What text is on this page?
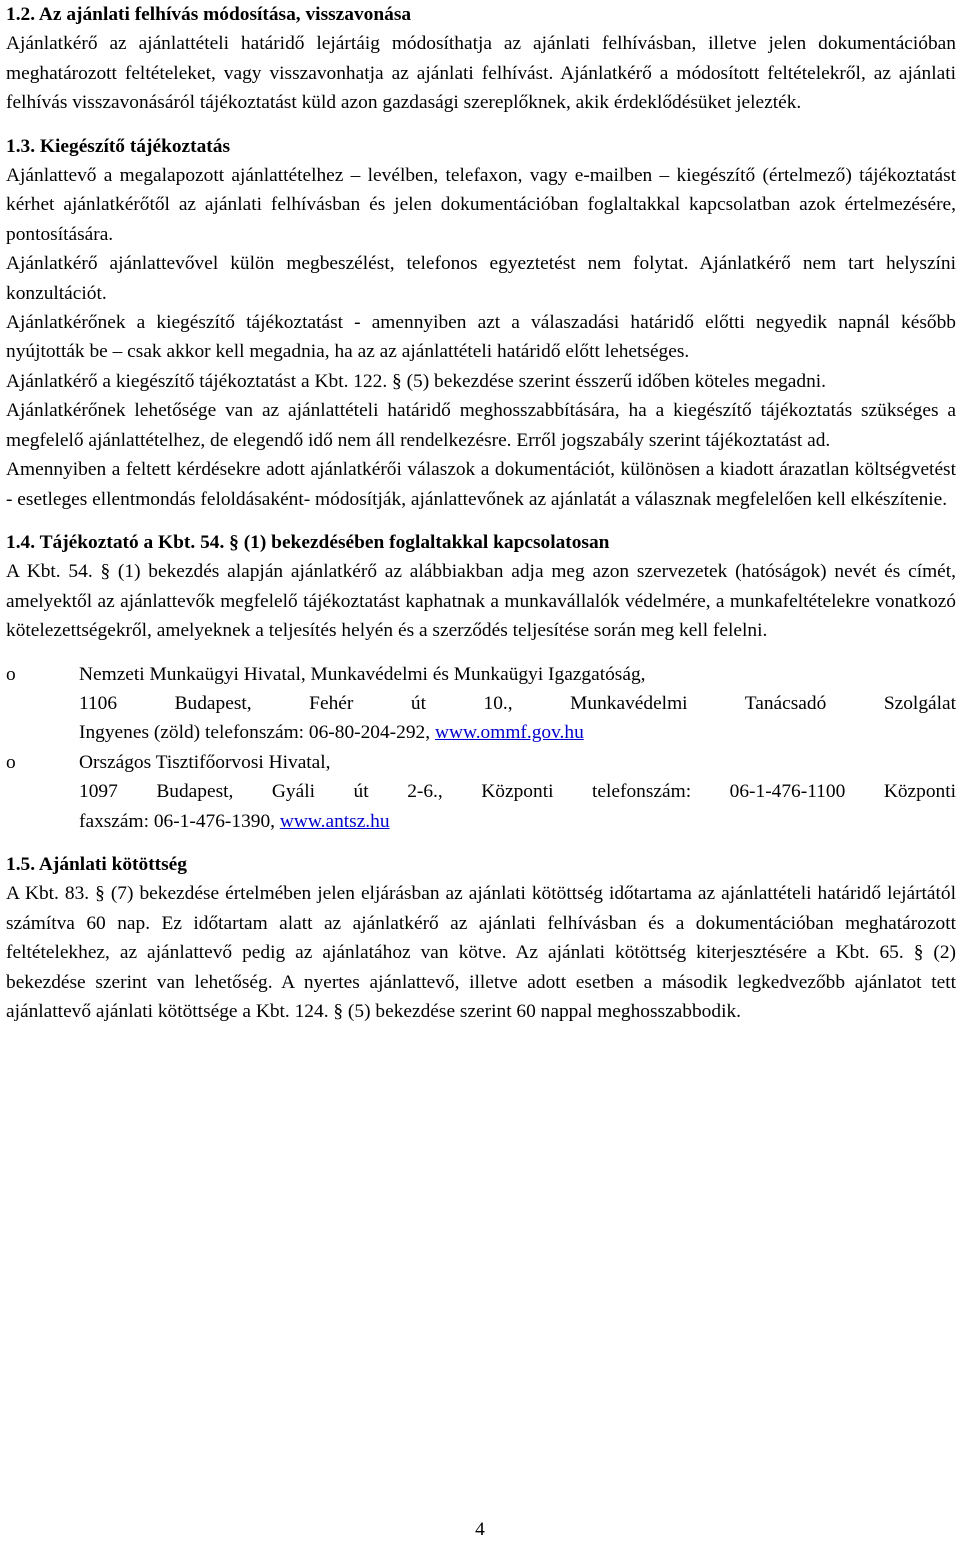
1.2. Az ajánlati felhívás módosítása, visszavonása

Ajánlatkérő az ajánlattételi határidő lejártáig módosíthatja az ajánlati felhívásban, illetve jelen dokumentációban meghatározott feltételeket, vagy visszavonhatja az ajánlati felhívást. Ajánlatkérő a módosított feltételekről, az ajánlati felhívás visszavonásáról tájékoztatást küld azon gazdasági szereplőknek, akik érdeklődésüket jelezték.

1.3. Kiegészítő tájékoztatás

Ajánlattevő a megalapozott ajánlattételhez – levélben, telefaxon, vagy e-mailben – kiegészítő (értelmező) tájékoztatást kérhet ajánlatkérőtől az ajánlati felhívásban és jelen dokumentációban foglaltakkal kapcsolatban azok értelmezésére, pontosítására.

Ajánlatkérő ajánlattevővel külön megbeszélést, telefonos egyeztetést nem folytat. Ajánlatkérő nem tart helyszíni konzultációt.

Ajánlatkérőnek a kiegészítő tájékoztatást - amennyiben azt a válaszadási határidő előtti negyedik napnál később nyújtották be – csak akkor kell megadnia, ha az az ajánlattételi határidő előtt lehetséges.

Ajánlatkérő a kiegészítő tájékoztatást a Kbt. 122. § (5) bekezdése szerint ésszerű időben köteles megadni.

Ajánlatkérőnek lehetősége van az ajánlattételi határidő meghosszabbítására, ha a kiegészítő tájékoztatás szükséges a megfelelő ajánlattételhez, de elegendő idő nem áll rendelkezésre. Erről jogszabály szerint tájékoztatást ad.

Amennyiben a feltett kérdésekre adott ajánlatkérői válaszok a dokumentációt, különösen a kiadott árazatlan költségvetést - esetleges ellentmondás feloldásaként- módosítják, ajánlattevőnek az ajánlatát a válasznak megfelelően kell elkészítenie.

1.4. Tájékoztató a Kbt. 54. § (1) bekezdésében foglaltakkal kapcsolatosan

A Kbt. 54. § (1) bekezdés alapján ajánlatkérő az alábbiakban adja meg azon szervezetek (hatóságok) nevét és címét, amelyektől az ajánlattevők megfelelő tájékoztatást kaphatnak a munkavállalók védelmére, a munkafeltételekre vonatkozó kötelezettségekről, amelyeknek a teljesítés helyén és a szerződés teljesítése során meg kell felelni.

o	Nemzeti Munkaügyi Hivatal, Munkavédelmi és Munkaügyi Igazgatóság,
1106 Budapest, Fehér út 10., Munkavédelmi Tanácsadó Szolgálat
Ingyenes (zöld) telefonszám: 06-80-204-292, www.ommf.gov.hu
o	Országos Tisztifőorvosi Hivatal,
1097 Budapest, Gyáli út 2-6., Központi telefonszám: 06-1-476-1100 Központi
faxszám: 06-1-476-1390, www.antsz.hu
1.5. Ajánlati kötöttség

A Kbt. 83. § (7) bekezdése értelmében jelen eljárásban az ajánlati kötöttség időtartama az ajánlattételi határidő lejártától számítva 60 nap. Ez időtartam alatt az ajánlatkérő az ajánlati felhívásban és a dokumentációban meghatározott feltételekhez, az ajánlattevő pedig az ajánlatához van kötve. Az ajánlati kötöttség kiterjesztésére a Kbt. 65. § (2) bekezdése szerint van lehetőség. A nyertes ajánlattevő, illetve adott esetben a második legkedvezőbb ajánlatot tett ajánlattevő ajánlati kötöttsége a Kbt. 124. § (5) bekezdése szerint 60 nappal meghosszabbodik.

4
